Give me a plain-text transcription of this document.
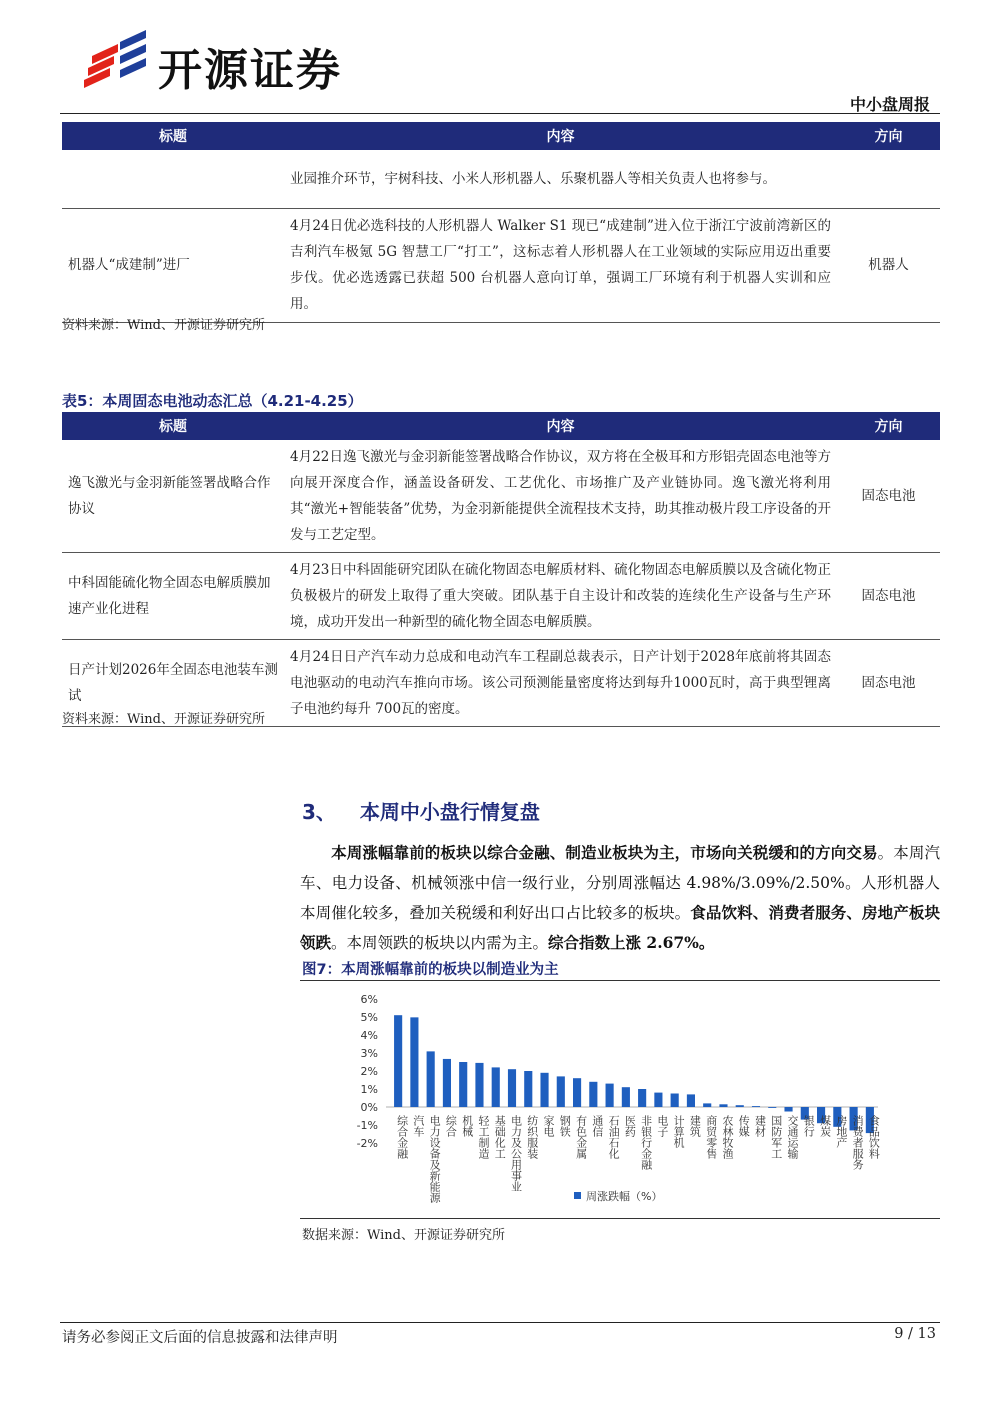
开源证券
中小盘周报
标题	内容	方向
	业园推介环节，宇树科技、小米人形机器人、乐聚机器人等相关负责人也将参与。	
机器人“成建制”进厂	4月24日优必选科技的人形机器人 Walker S1 现已“成建制”进入位于浙江宁波前湾新区的吉利汽车极氪 5G 智慧工厂“打工”，这标志着人形机器人在工业领域的实际应用迈出重要步伐。优必选透露已获超 500 台机器人意向订单，强调工厂环境有利于机器人实训和应用。	机器人
资料来源：Wind、开源证券研究所
表5：本周固态电池动态汇总（4.21-4.25）
标题	内容	方向
逸飞激光与金羽新能签署战略合作协议	4月22日逸飞激光与金羽新能签署战略合作协议，双方将在全极耳和方形铝壳固态电池等方向展开深度合作，涵盖设备研发、工艺优化、市场推广及产业链协同。逸飞激光将利用其“激光+智能装备”优势，为金羽新能提供全流程技术支持，助其推动极片段工序设备的开发与工艺定型。	固态电池
中科固能硫化物全固态电解质膜加速产业化进程	4月23日中科固能研究团队在硫化物固态电解质材料、硫化物固态电解质膜以及含硫化物正负极极片的研发上取得了重大突破。团队基于自主设计和改装的连续化生产设备与生产环境，成功开发出一种新型的硫化物全固态电解质膜。	固态电池
日产计划2026年全固态电池装车测试	4月24日日产汽车动力总成和电动汽车工程副总裁表示，日产计划于2028年底前将其固态电池驱动的电动汽车推向市场。该公司预测能量密度将达到每升1000瓦时，高于典型锂离子电池约每升 700瓦的密度。	固态电池
资料来源：Wind、开源证券研究所
3、 本周中小盘行情复盘
本周涨幅靠前的板块以综合金融、制造业板块为主，市场向关税缓和的方向交易。本周汽车、电力设备、机械领涨中信一级行业，分别周涨幅达 4.98%/3.09%/2.50%。人形机器人本周催化较多，叠加关税缓和利好出口占比较多的板块。食品饮料、消费者服务、房地产板块领跌。本周领跌的板块以内需为主。综合指数上涨 2.67%。
图7：本周涨幅靠前的板块以制造业为主
6%
5%
4%
3%
2%
1%
0%
-1%
-2% 综合金融 汽车 电力设备及新能源 综合 机械 轻工制造 基础化工 电力及公用事业 纺织服装 家电 钢铁 有色金属 通信 石油石化 医药 非银行金融 电子 计算机 建筑 商贸零售 农林牧渔 传媒 建材 国防军工 交通运输 银行 煤炭 房地产 消费者服务 食品饮料
周涨跌幅（%）
数据来源：Wind、开源证券研究所
请务必参阅正文后面的信息披露和法律声明	9 / 13
